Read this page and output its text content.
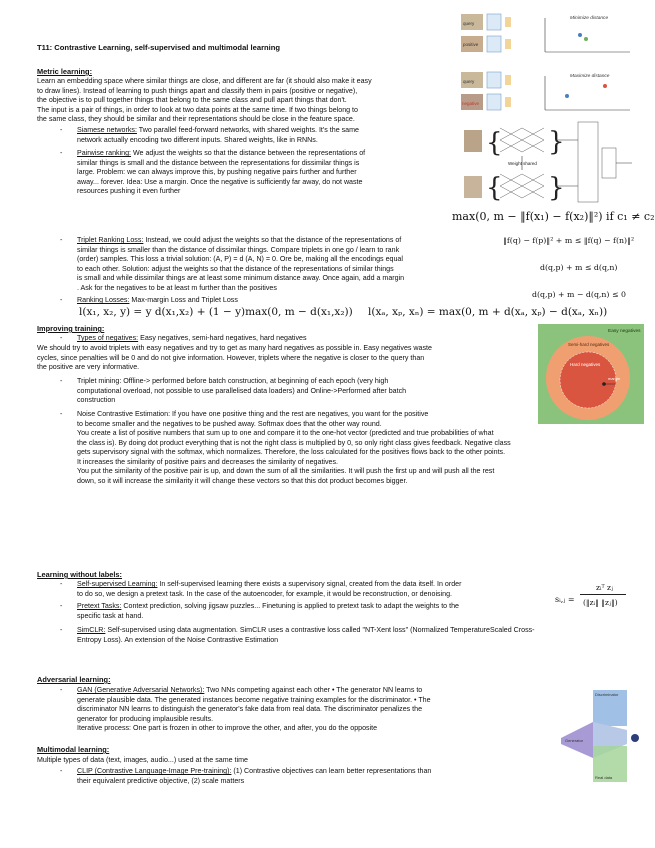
T11: Contrastive Learning, self-supervised and multimodal learning
Metric learning:

Learn an embedding space where similar things are close, and different are far (it should also make it easy

to draw lines). Instead of learning to push things apart and classify them in pairs (positive or negative),

the objective is to pull together things that belong to the same class and pull apart things that don't.

The input is a pair of things, in order to look at two data points at the same time. If two things belong to

the same class, they should be similar and their representations should be close in the feature space.

- Siamese networks: Two parallel feed-forward networks, with shared weights. It's the same

network actually encoding two different inputs. Shared weights, like in RNNs.

- Pairwise ranking: We adjust the weights so that the distance between the representations of

similar things is small and the distance between the representations for dissimilar things is

large. Problem: we can always improve this, by pushing negative pairs further and further

away... forever. Idea: Use a margin. Once the negative is sufficiently far away, do not waste

resources pushing it even further

- Triplet Ranking Loss: Instead, we could adjust the weights so that the distance of the representations of

similar things is smaller than the distance of dissimilar things. Compare triplets in one go / learn to rank

(order) samples. This loss a trivial solution: (A, P) = d (A, N) = 0. Ore be, making all the encodings equal

to each other. Solution: adjust the weights so that the distance of the representations of similar things

is small and while dissimilar things are at least some minimum distance away. Once again, add a margin

. Ask for the negatives to be at least m further than the positives

- Ranking Losses: Max-margin Loss and Triplet Loss

l(x₁, x₂, y) = y d(x₁,x₂) + (1 − y)max(0, m − d(x₁,x₂)) l(xₐ, xₚ, xₙ) = max(0, m + d(xₐ, xₚ) − d(xₐ, xₙ))
max(0, m − ‖f(x₁) − f(x₂)‖²) if c₁ ≠ c₂
‖f(q) − f(p)‖² + m ≤ ‖f(q) − f(n)‖²
d(q,p) + m ≤ d(q,n)
d(q,p) + m − d(q,n) ≤ 0
query
positive
Minimize distance
query
negative
Maximize distance
{
{
}
}
Weight shared
Easy negatives
Semi-hard negatives
Hard negatives
margin
Improving training:
- Types of negatives: Easy negatives, semi-hard negatives, hard negatives

We should try to avoid triplets with easy negatives and try to get as many hard negatives as possible in. Easy negatives waste

cycles, since penalties will be 0 and do not give information. However, triplets where the negative is closer to the query than

the positive are very informative.

- Triplet mining: Offline-> performed before batch construction, at beginning of each epoch (very high

computational overload, not possible to use parallelised data loaders) and Online->Performed after batch

construction

- Noise Contrastive Estimation: If you have one positive thing and the rest are negatives, you want for the positive

to become smaller and the negatives to be pushed away. Softmax does that the other way round.

You create a list of positive numbers that sum up to one and compare it to the one-hot vector (predicted and true probabilities of what

the class is). By doing dot product everything that is not the right class is multiplied by 0, so only right class gives feedback. Negative class

gets supervisory signal with the softmax, which normalizes. Therefore, the loss calculated for the positives flows back to the other points.

It increases the similarity of positive pairs and decreases the similarity of negatives.

You put the similarity of the positive pair is up, and down the sum of all the similarities. It will push the first up and will push all the rest

down, so it will increase the similarity it will change these vectors so that this dot product becomes bigger.

Learning without labels:
- Self-supervised Learning: In self-supervised learning there exists a supervisory signal, created from the data itself. In order

to do so, we design a pretext task. In the case of the autoencoder, for example, it would be reconstruction, or denoising.

- Pretext Tasks: Context prediction, solving jigsaw puzzles... Finetuning is applied to pretext task to adapt the weights to the

specific task at hand.

- SimCLR: Self-supervised using data augmentation. SimCLR uses a contrastive loss called "NT-Xent loss" (Normalized TemperatureScaled Cross-

Entropy Loss). An extension of the Noise Contrastive Estimation

sᵢ,ⱼ =
zᵢᵀ zⱼ
(‖zᵢ‖ ‖zⱼ‖)
Adversarial learning:
- GAN (Generative Adversarial Networks): Two NNs competing against each other • The generator NN learns to

generate plausible data. The generated instances become negative training examples for the discriminator. • The

discriminator NN learns to distinguish the generator's fake data from real data. The discriminator penalizes the

generator for producing implausible results.

Iterative process: One part is frozen in other to improve the other, and after, you do the opposite

Discriminator
Generator
Real data
Multimodal learning:

Multiple types of data (text, images, audio...) used at the same time

- CLIP (Contrastive Language-Image Pre-training): (1) Contrastive objectives can learn better representations than

their equivalent predictive objective, (2) scale matters
